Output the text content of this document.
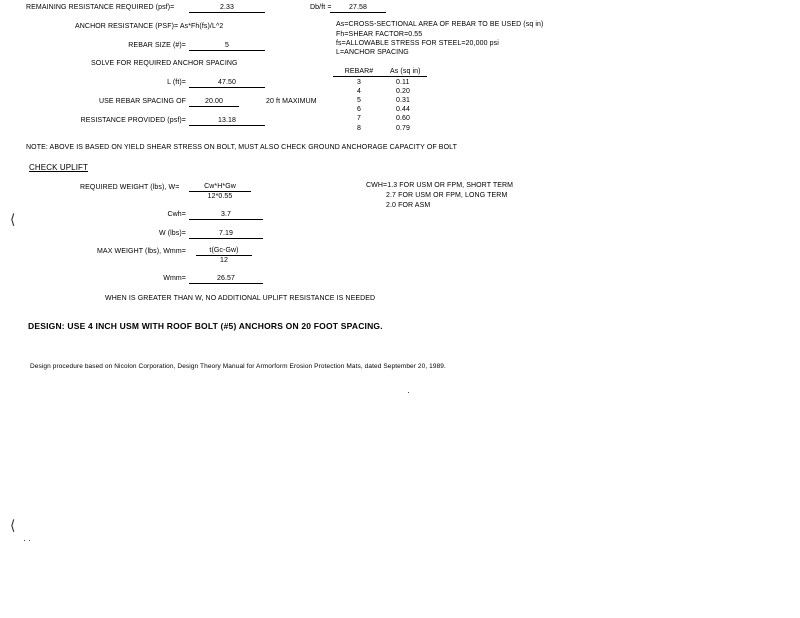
REMAINING RESISTANCE REQUIRED (psf)=	2.33	Db/ft =	27.58
ANCHOR RESISTANCE (PSF)= As*Fh(fs)/L^2	As=CROSS-SECTIONAL AREA OF REBAR TO BE USED (sq in)
Fh=SHEAR FACTOR=0.55
fs=ALLOWABLE STRESS FOR STEEL=20,000 psi
L=ANCHOR SPACING
REBAR SIZE (#)=	5
SOLVE FOR REQUIRED ANCHOR SPACING
REBAR#	As (sq in)
3	0.11
4	0.20
5	0.31
6	0.44
7	0.60
8	0.79
L (ft)=	47.50
USE REBAR SPACING OF	20.00	20 ft MAXIMUM
RESISTANCE PROVIDED (psf)=	13.18
NOTE: ABOVE IS BASED ON YIELD SHEAR STRESS ON BOLT, MUST ALSO CHECK GROUND ANCHORAGE CAPACITY OF BOLT
CHECK UPLIFT
REQUIRED WEIGHT (lbs), W=	Cw*H*Gw
12*0.55
CWH=1.3 FOR USM OR FPM, SHORT TERM
2.7 FOR USM OR FPM, LONG TERM
2.0 FOR ASM
Cwh=	3.7
W (lbs)=	7.19
MAX WEIGHT (lbs), Wmm=	t(Gc-Gw)
12
Wmm=	26.57
WHEN IS GREATER THAN W, NO ADDITIONAL UPLIFT RESISTANCE IS NEEDED
DESIGN: USE 4 INCH USM WITH ROOF BOLT (#5) ANCHORS ON 20 FOOT SPACING.
Design procedure based on Nicolon Corporation, Design Theory Manual for Armorform Erosion Protection Mats, dated September 20, 1989.
⟨
⟨
